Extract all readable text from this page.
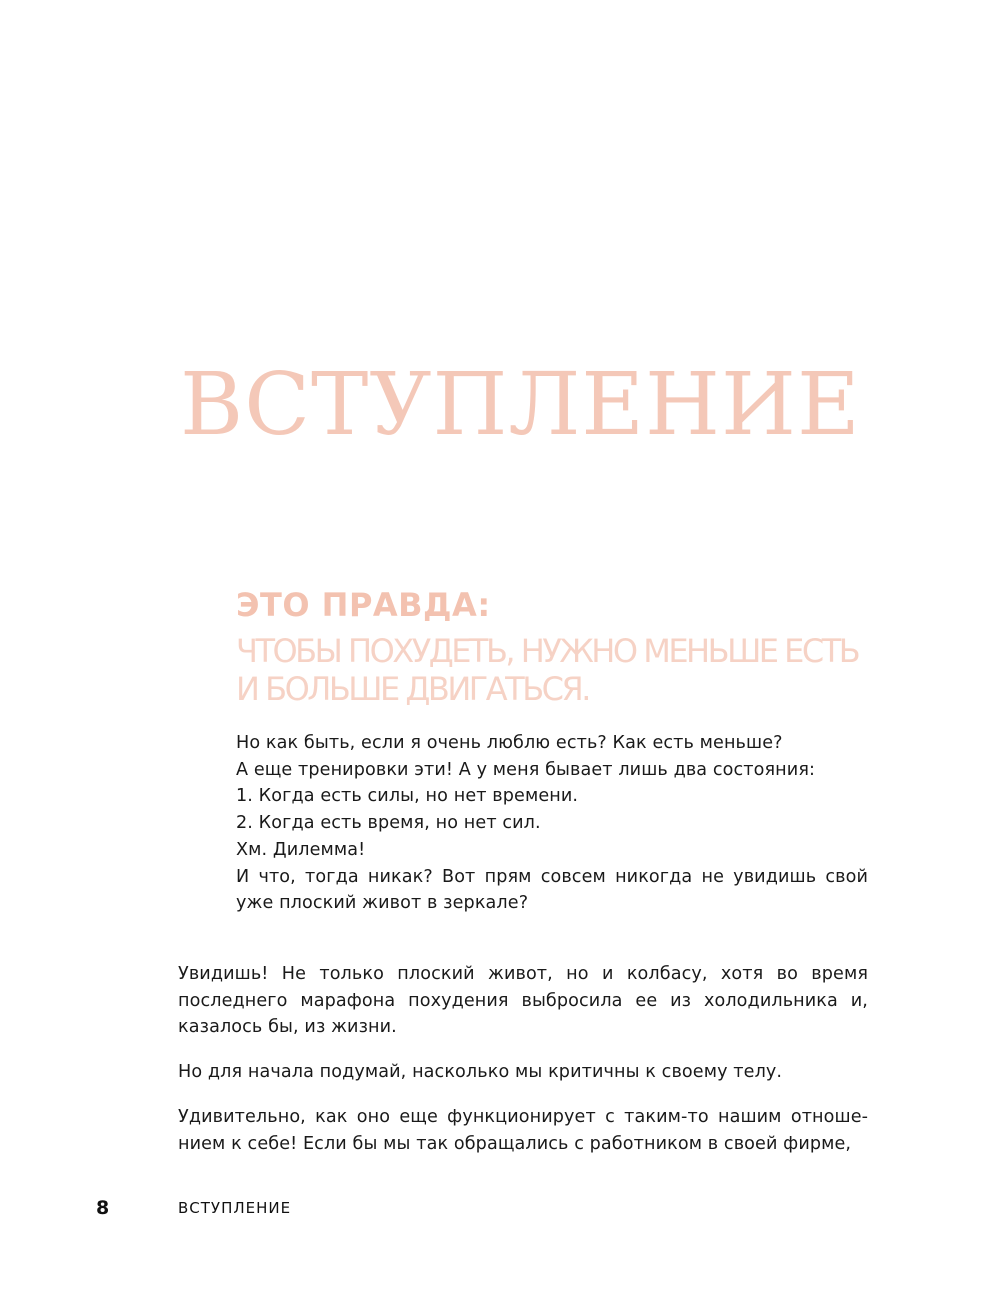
ВСТУПЛЕНИЕ
ЭТО ПРАВДА:
ЧТОБЫ ПОХУДЕТЬ, НУЖНО МЕНЬШЕ ЕСТЬ
И БОЛЬШЕ ДВИГАТЬСЯ.

Но как быть, если я очень люблю есть? Как есть меньше?

А еще тренировки эти! А у меня бывает лишь два состояния:

1. Когда есть силы, но нет времени.

2. Когда есть время, но нет сил.

Хм. Дилемма!

И что, тогда никак? Вот прям совсем никогда не увидишь свой уже плоский живот в зеркале?

Увидишь! Не только плоский живот, но и колбасу, хотя во время последнего марафона похудения выбросила ее из холодильника и, казалось бы, из жизни.

Но для начала подумай, насколько мы критичны к своему телу.

Удивительно, как оно еще функционирует с таким-то нашим отношением к себе! Если бы мы так обращались с работником в своей фирме,

8	ВСТУПЛЕНИЕ
